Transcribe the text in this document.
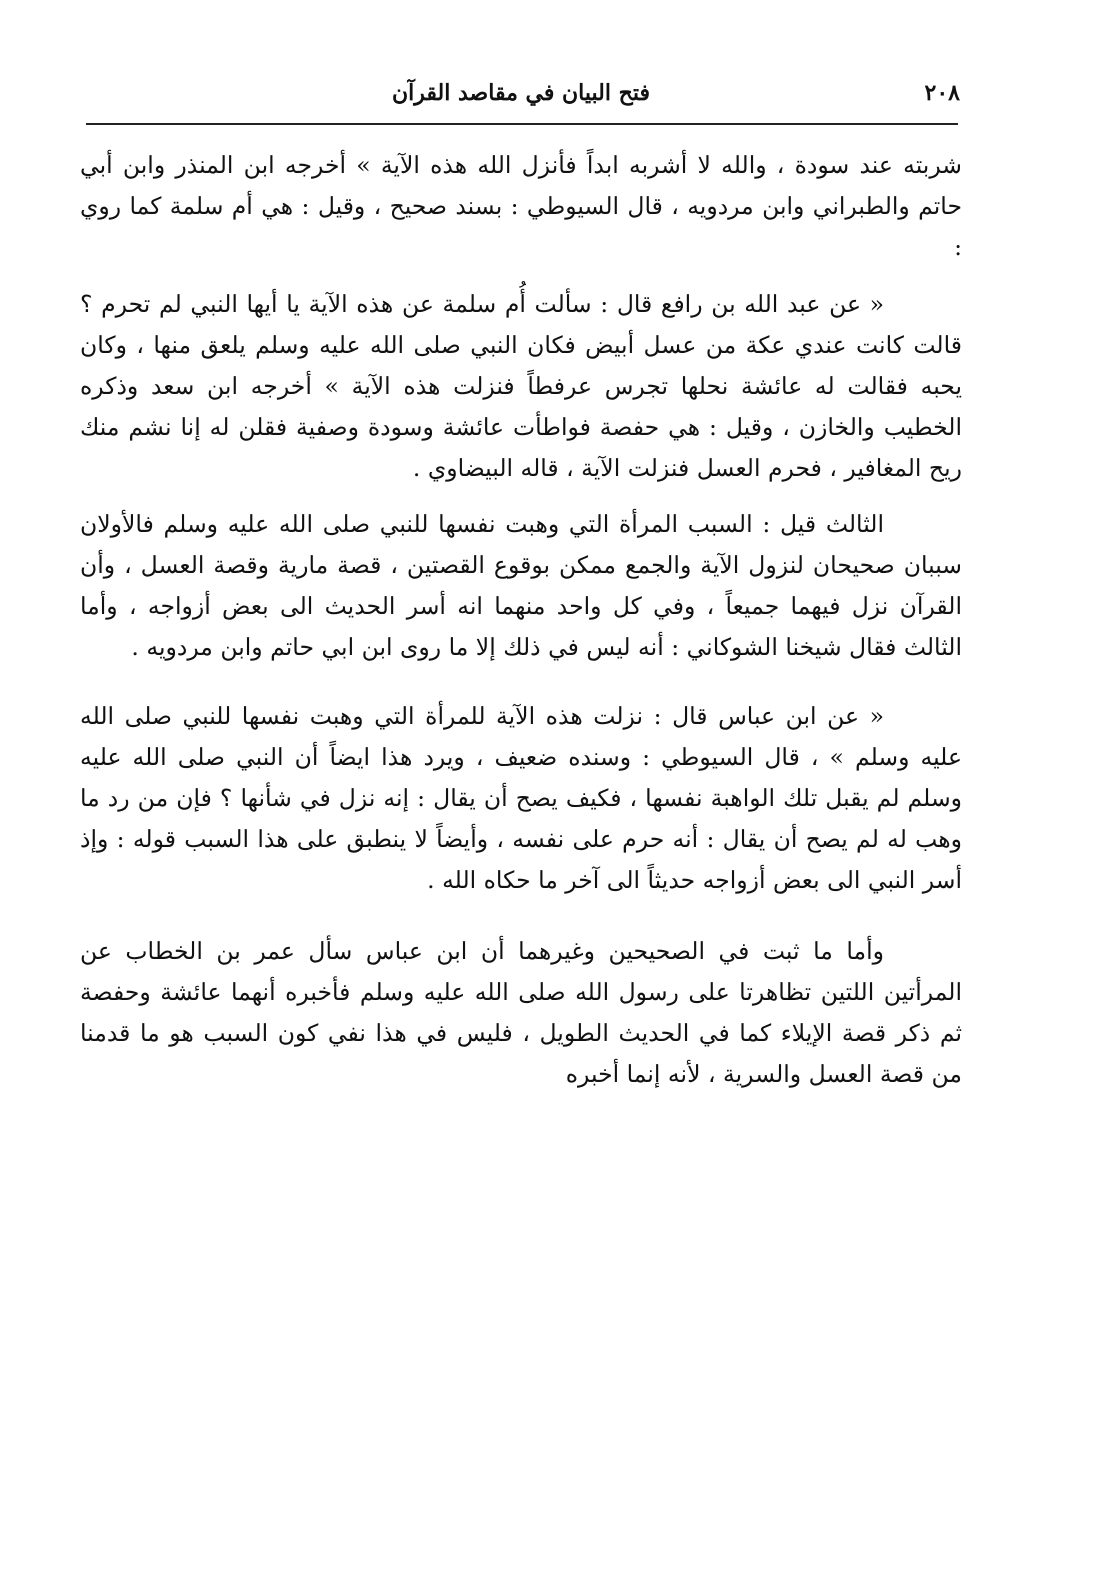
٢٠٨
فتح البيان في مقاصد القرآن

شربته عند سودة ، والله لا أشربه ابداً فأنزل الله هذه الآية » أخرجه ابن المنذر وابن أبي حاتم والطبراني وابن مردويه ، قال السيوطي : بسند صحيح ، وقيل : هي أم سلمة كما روي :

« عن عبد الله بن رافع قال : سألت أُم سلمة عن هذه الآية يا أيها النبي لم تحرم ؟ قالت كانت عندي عكة من عسل أبيض فكان النبي صلى الله عليه وسلم يلعق منها ، وكان يحبه فقالت له عائشة نحلها تجرس عرفطاً فنزلت هذه الآية » أخرجه ابن سعد وذكره الخطيب والخازن ، وقيل : هي حفصة فواطأت عائشة وسودة وصفية فقلن له إنا نشم منك ريح المغافير ، فحرم العسل فنزلت الآية ، قاله البيضاوي .

الثالث قيل : السبب المرأة التي وهبت نفسها للنبي صلى الله عليه وسلم فالأولان سببان صحيحان لنزول الآية والجمع ممكن بوقوع القصتين ، قصة مارية وقصة العسل ، وأن القرآن نزل فيهما جميعاً ، وفي كل واحد منهما انه أسر الحديث الى بعض أزواجه ، وأما الثالث فقال شيخنا الشوكاني : أنه ليس في ذلك إلا ما روى ابن ابي حاتم وابن مردويه .

« عن ابن عباس قال : نزلت هذه الآية للمرأة التي وهبت نفسها للنبي صلى الله عليه وسلم » ، قال السيوطي : وسنده ضعيف ، ويرد هذا ايضاً أن النبي صلى الله عليه وسلم لم يقبل تلك الواهبة نفسها ، فكيف يصح أن يقال : إنه نزل في شأنها ؟ فإن من رد ما وهب له لم يصح أن يقال : أنه حرم على نفسه ، وأيضاً لا ينطبق على هذا السبب قوله : وإذ أسر النبي الى بعض أزواجه حديثاً الى آخر ما حكاه الله .

وأما ما ثبت في الصحيحين وغيرهما أن ابن عباس سأل عمر بن الخطاب عن المرأتين اللتين تظاهرتا على رسول الله صلى الله عليه وسلم فأخبره أنهما عائشة وحفصة ثم ذكر قصة الإيلاء كما في الحديث الطويل ، فليس في هذا نفي كون السبب هو ما قدمنا من قصة العسل والسرية ، لأنه إنما أخبره
